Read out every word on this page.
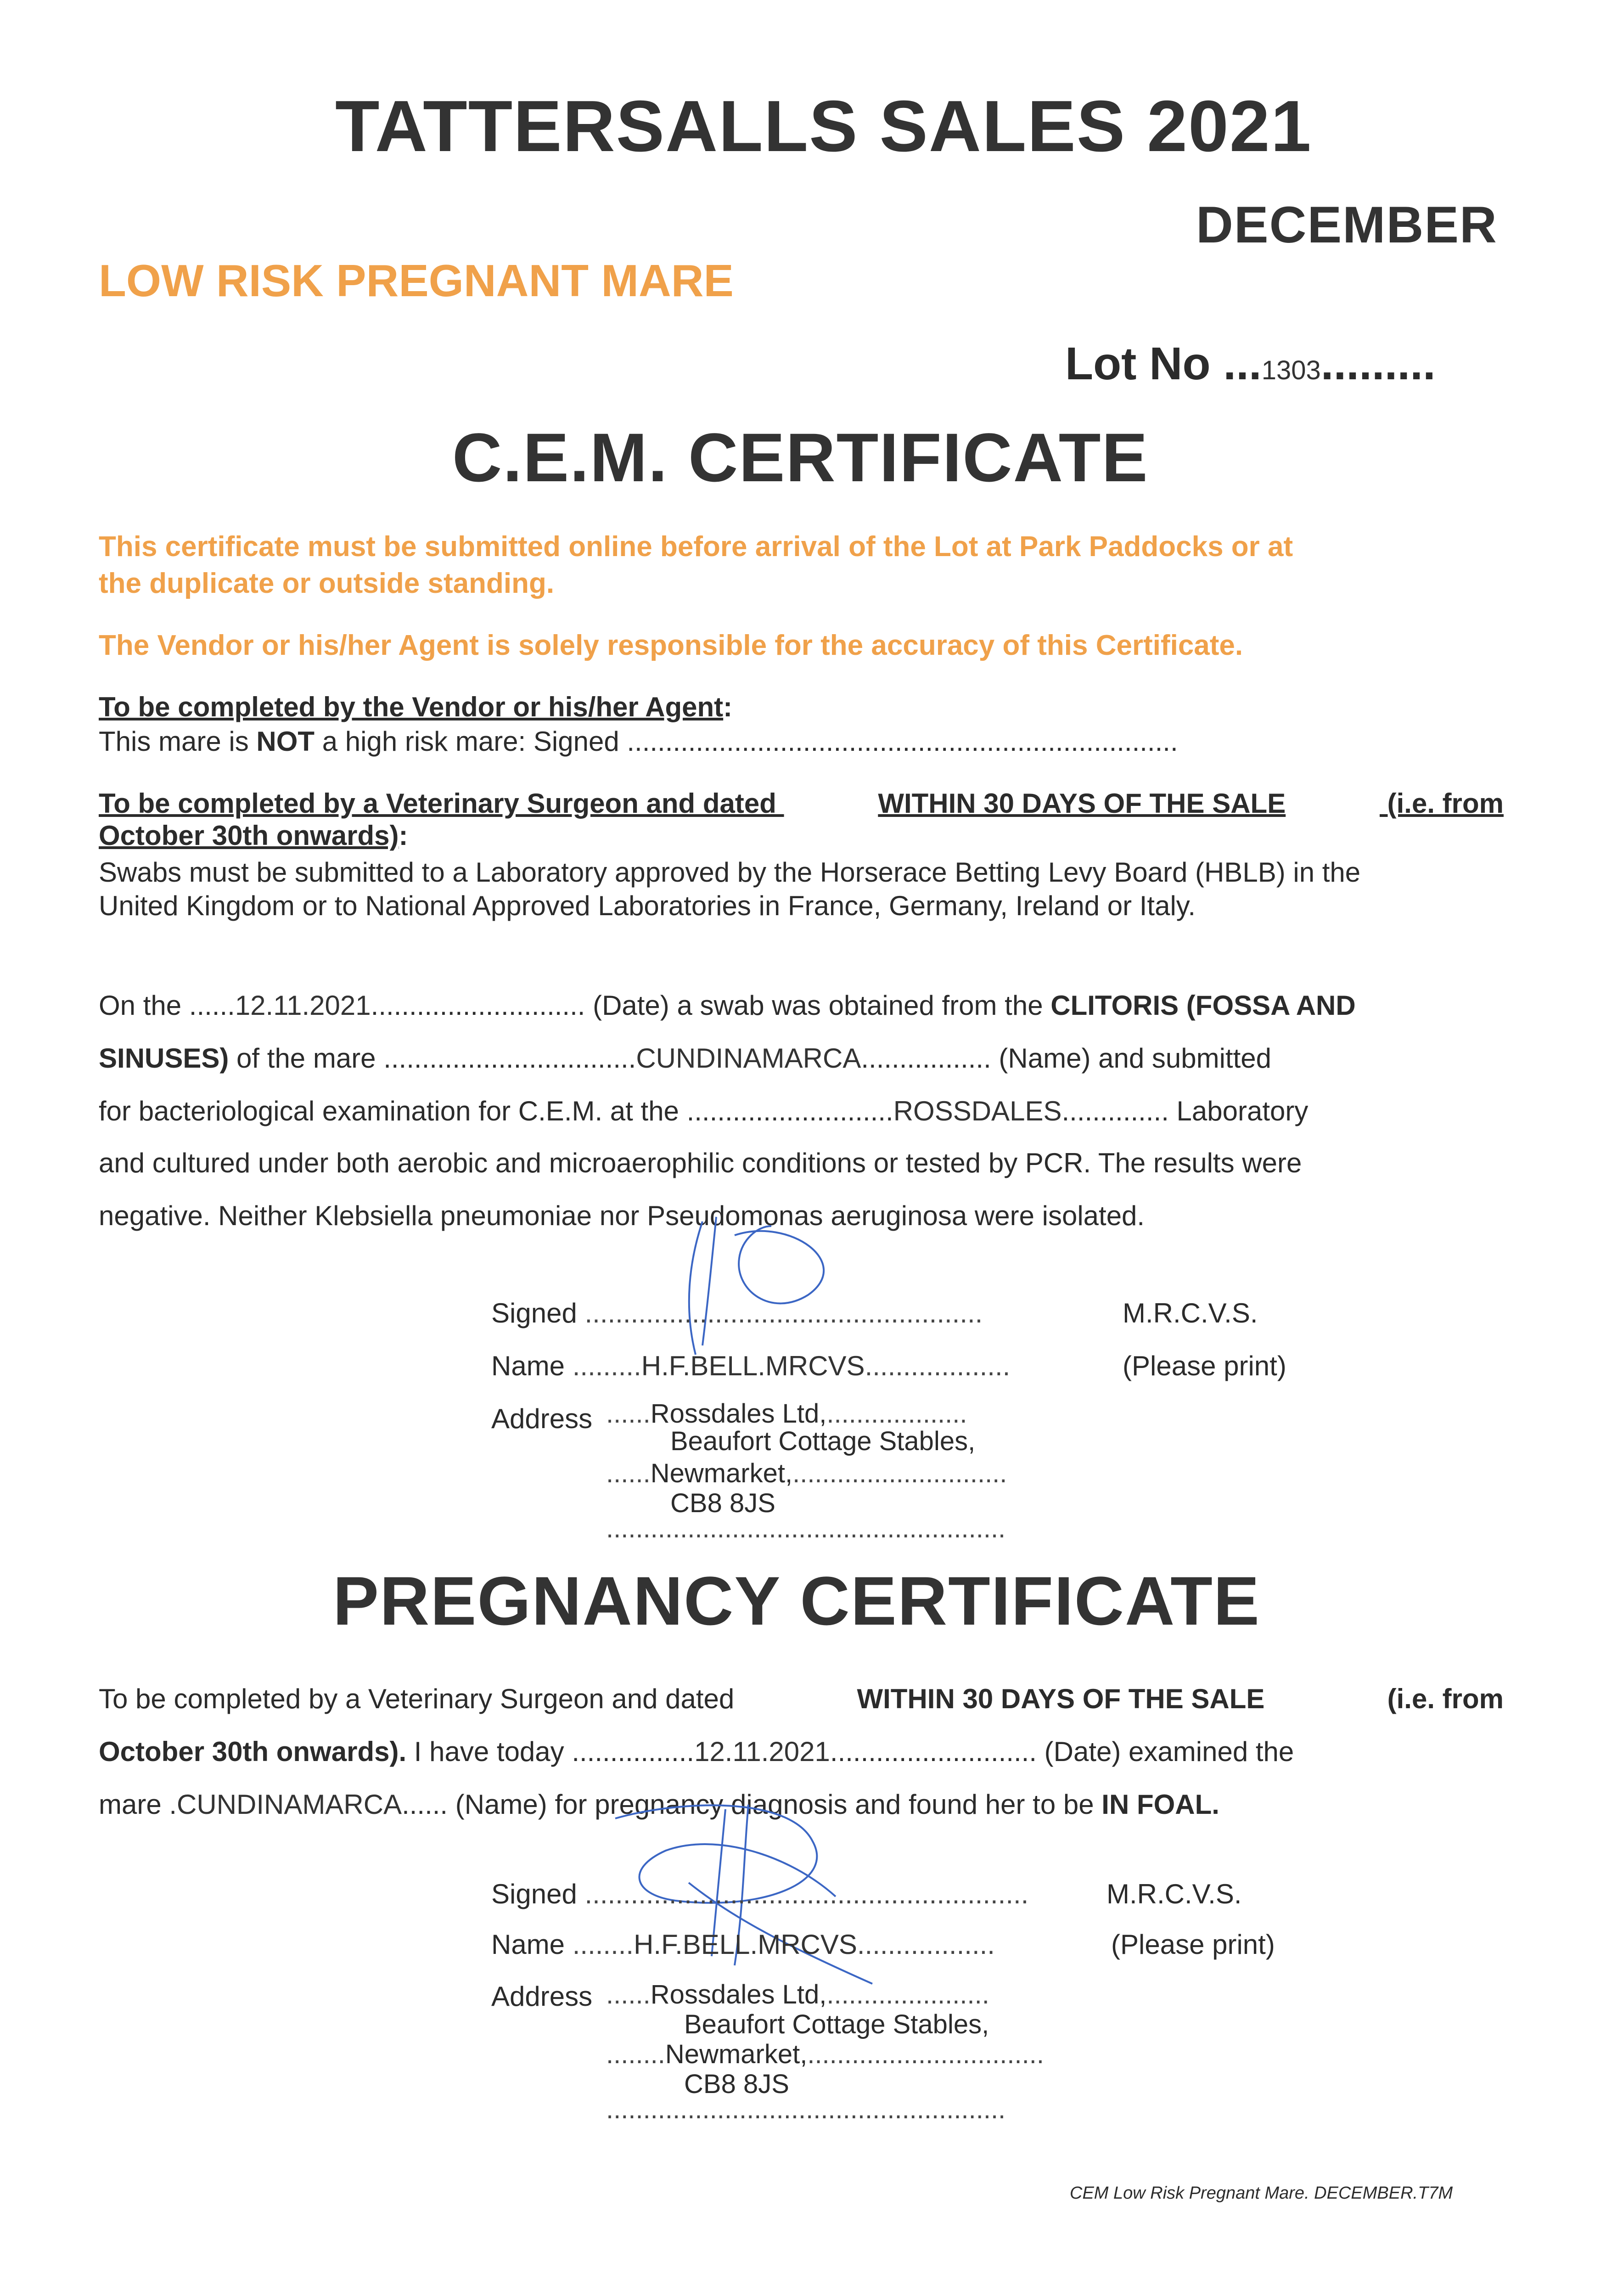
TATTERSALLS SALES 2021
DECEMBER
LOW RISK PREGNANT MARE
Lot No ...1303.........
C.E.M. CERTIFICATE
This certificate must be submitted online before arrival of the Lot at Park Paddocks or at
the duplicate or outside standing.
The Vendor or his/her Agent is solely responsible for the accuracy of this Certificate.
To be completed by the Vendor or his/her Agent:
This mare is NOT a high risk mare: Signed ........................................................................
To be completed by a Veterinary Surgeon and dated	WITHIN 30 DAYS OF THE SALE	(i.e. from
October 30th onwards):
Swabs must be submitted to a Laboratory approved by the Horserace Betting Levy Board (HBLB) in the
United Kingdom or to National Approved Laboratories in France, Germany, Ireland or Italy.
On the ......12.11.2021............................ (Date) a swab was obtained from the CLITORIS (FOSSA AND
SINUSES) of the mare .................................CUNDINAMARCA................. (Name) and submitted
for bacteriological examination for C.E.M. at the ...........................ROSSDALES.............. Laboratory
and cultured under both aerobic and microaerophilic conditions or tested by PCR. The results were
negative. Neither Klebsiella pneumoniae nor Pseudomonas aeruginosa were isolated.
Signed ....................................................	M.R.C.V.S.
Name .........H.F.BELL.MRCVS...................	(Please print)
Address ......Rossdales Ltd,...................
Beaufort Cottage Stables,
......Newmarket,.............................
CB8 8JS
......................................................
PREGNANCY CERTIFICATE
To be completed by a Veterinary Surgeon and dated	WITHIN 30 DAYS OF THE SALE	(i.e. from
October 30th onwards). I have today ................12.11.2021........................... (Date) examined the
mare .CUNDINAMARCA...... (Name) for pregnancy diagnosis and found her to be IN FOAL.
Signed ..........................................................	M.R.C.V.S.
Name ........H.F.BELL.MRCVS..................	(Please print)
Address ......Rossdales Ltd,......................
Beaufort Cottage Stables,
........Newmarket,................................
CB8 8JS
......................................................
CEM Low Risk Pregnant Mare. DECEMBER.T7M
